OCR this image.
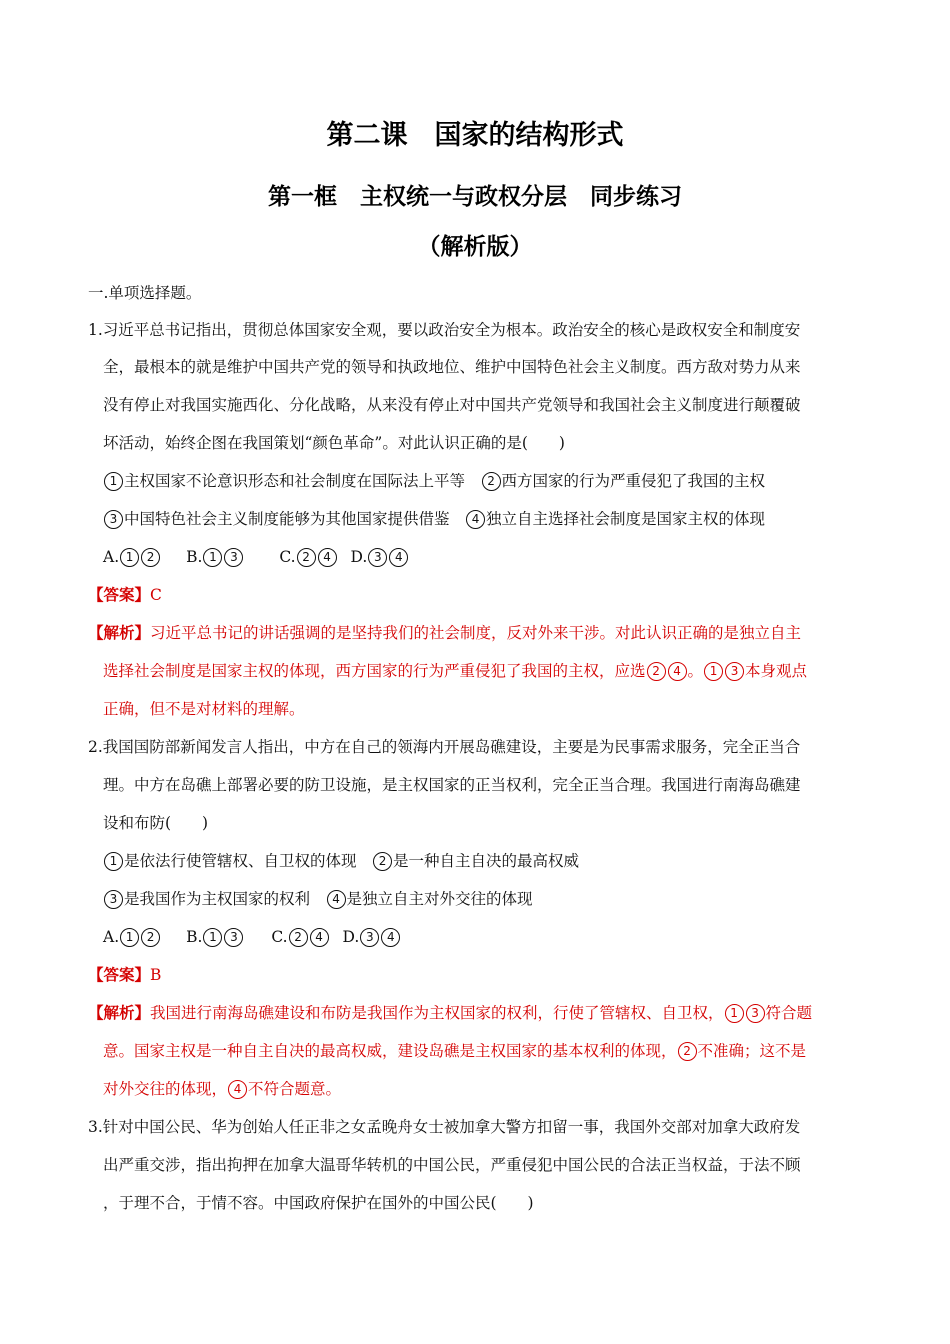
第二课　国家的结构形式
第一框　主权统一与政权分层　同步练习
（解析版）
一.单项选择题。
1.习近平总书记指出，贯彻总体国家安全观，要以政治安全为根本。政治安全的核心是政权安全和制度安
全，最根本的就是维护中国共产党的领导和执政地位、维护中国特色社会主义制度。西方敌对势力从来
没有停止对我国实施西化、分化战略，从来没有停止对中国共产党领导和我国社会主义制度进行颠覆破
坏活动，始终企图在我国策划“颜色革命”。对此认识正确的是(　　)
1 主权国家不论意识形态和社会制度在国际法上平等　 2 西方国家的行为严重侵犯了我国的主权
3 中国特色社会主义制度能够为其他国家提供借鉴　 4 独立自主选择社会制度是国家主权的体现
A. 1 2 B. 1 3	C. 2 4 D. 3 4
【答案】C
【解析】习近平总书记的讲话强调的是坚持我们的社会制度，反对外来干涉。对此认识正确的是独立自主
选择社会制度是国家主权的体现，西方国家的行为严重侵犯了我国的主权，应选 2 4 。 1 3 本身观点
正确，但不是对材料的理解。
2.我国国防部新闻发言人指出，中方在自己的领海内开展岛礁建设，主要是为民事需求服务，完全正当合
理。中方在岛礁上部署必要的防卫设施，是主权国家的正当权利，完全正当合理。我国进行南海岛礁建
设和布防(　　)
1 是依法行使管辖权、自卫权的体现　 2 是一种自主自决的最高权威
3 是我国作为主权国家的权利　 4 是独立自主对外交往的体现
A. 1 2 B. 1 3 C. 2 4 D. 3 4
【答案】B
【解析】我国进行南海岛礁建设和布防是我国作为主权国家的权利，行使了管辖权、自卫权， 1 3 符合题
意。国家主权是一种自主自决的最高权威，建设岛礁是主权国家的基本权利的体现， 2 不准确；这不是
对外交往的体现， 4 不符合题意。
3.针对中国公民、华为创始人任正非之女孟晚舟女士被加拿大警方扣留一事，我国外交部对加拿大政府发
出严重交涉，指出拘押在加拿大温哥华转机的中国公民，严重侵犯中国公民的合法正当权益，于法不顾
，于理不合，于情不容。中国政府保护在国外的中国公民(　　)
